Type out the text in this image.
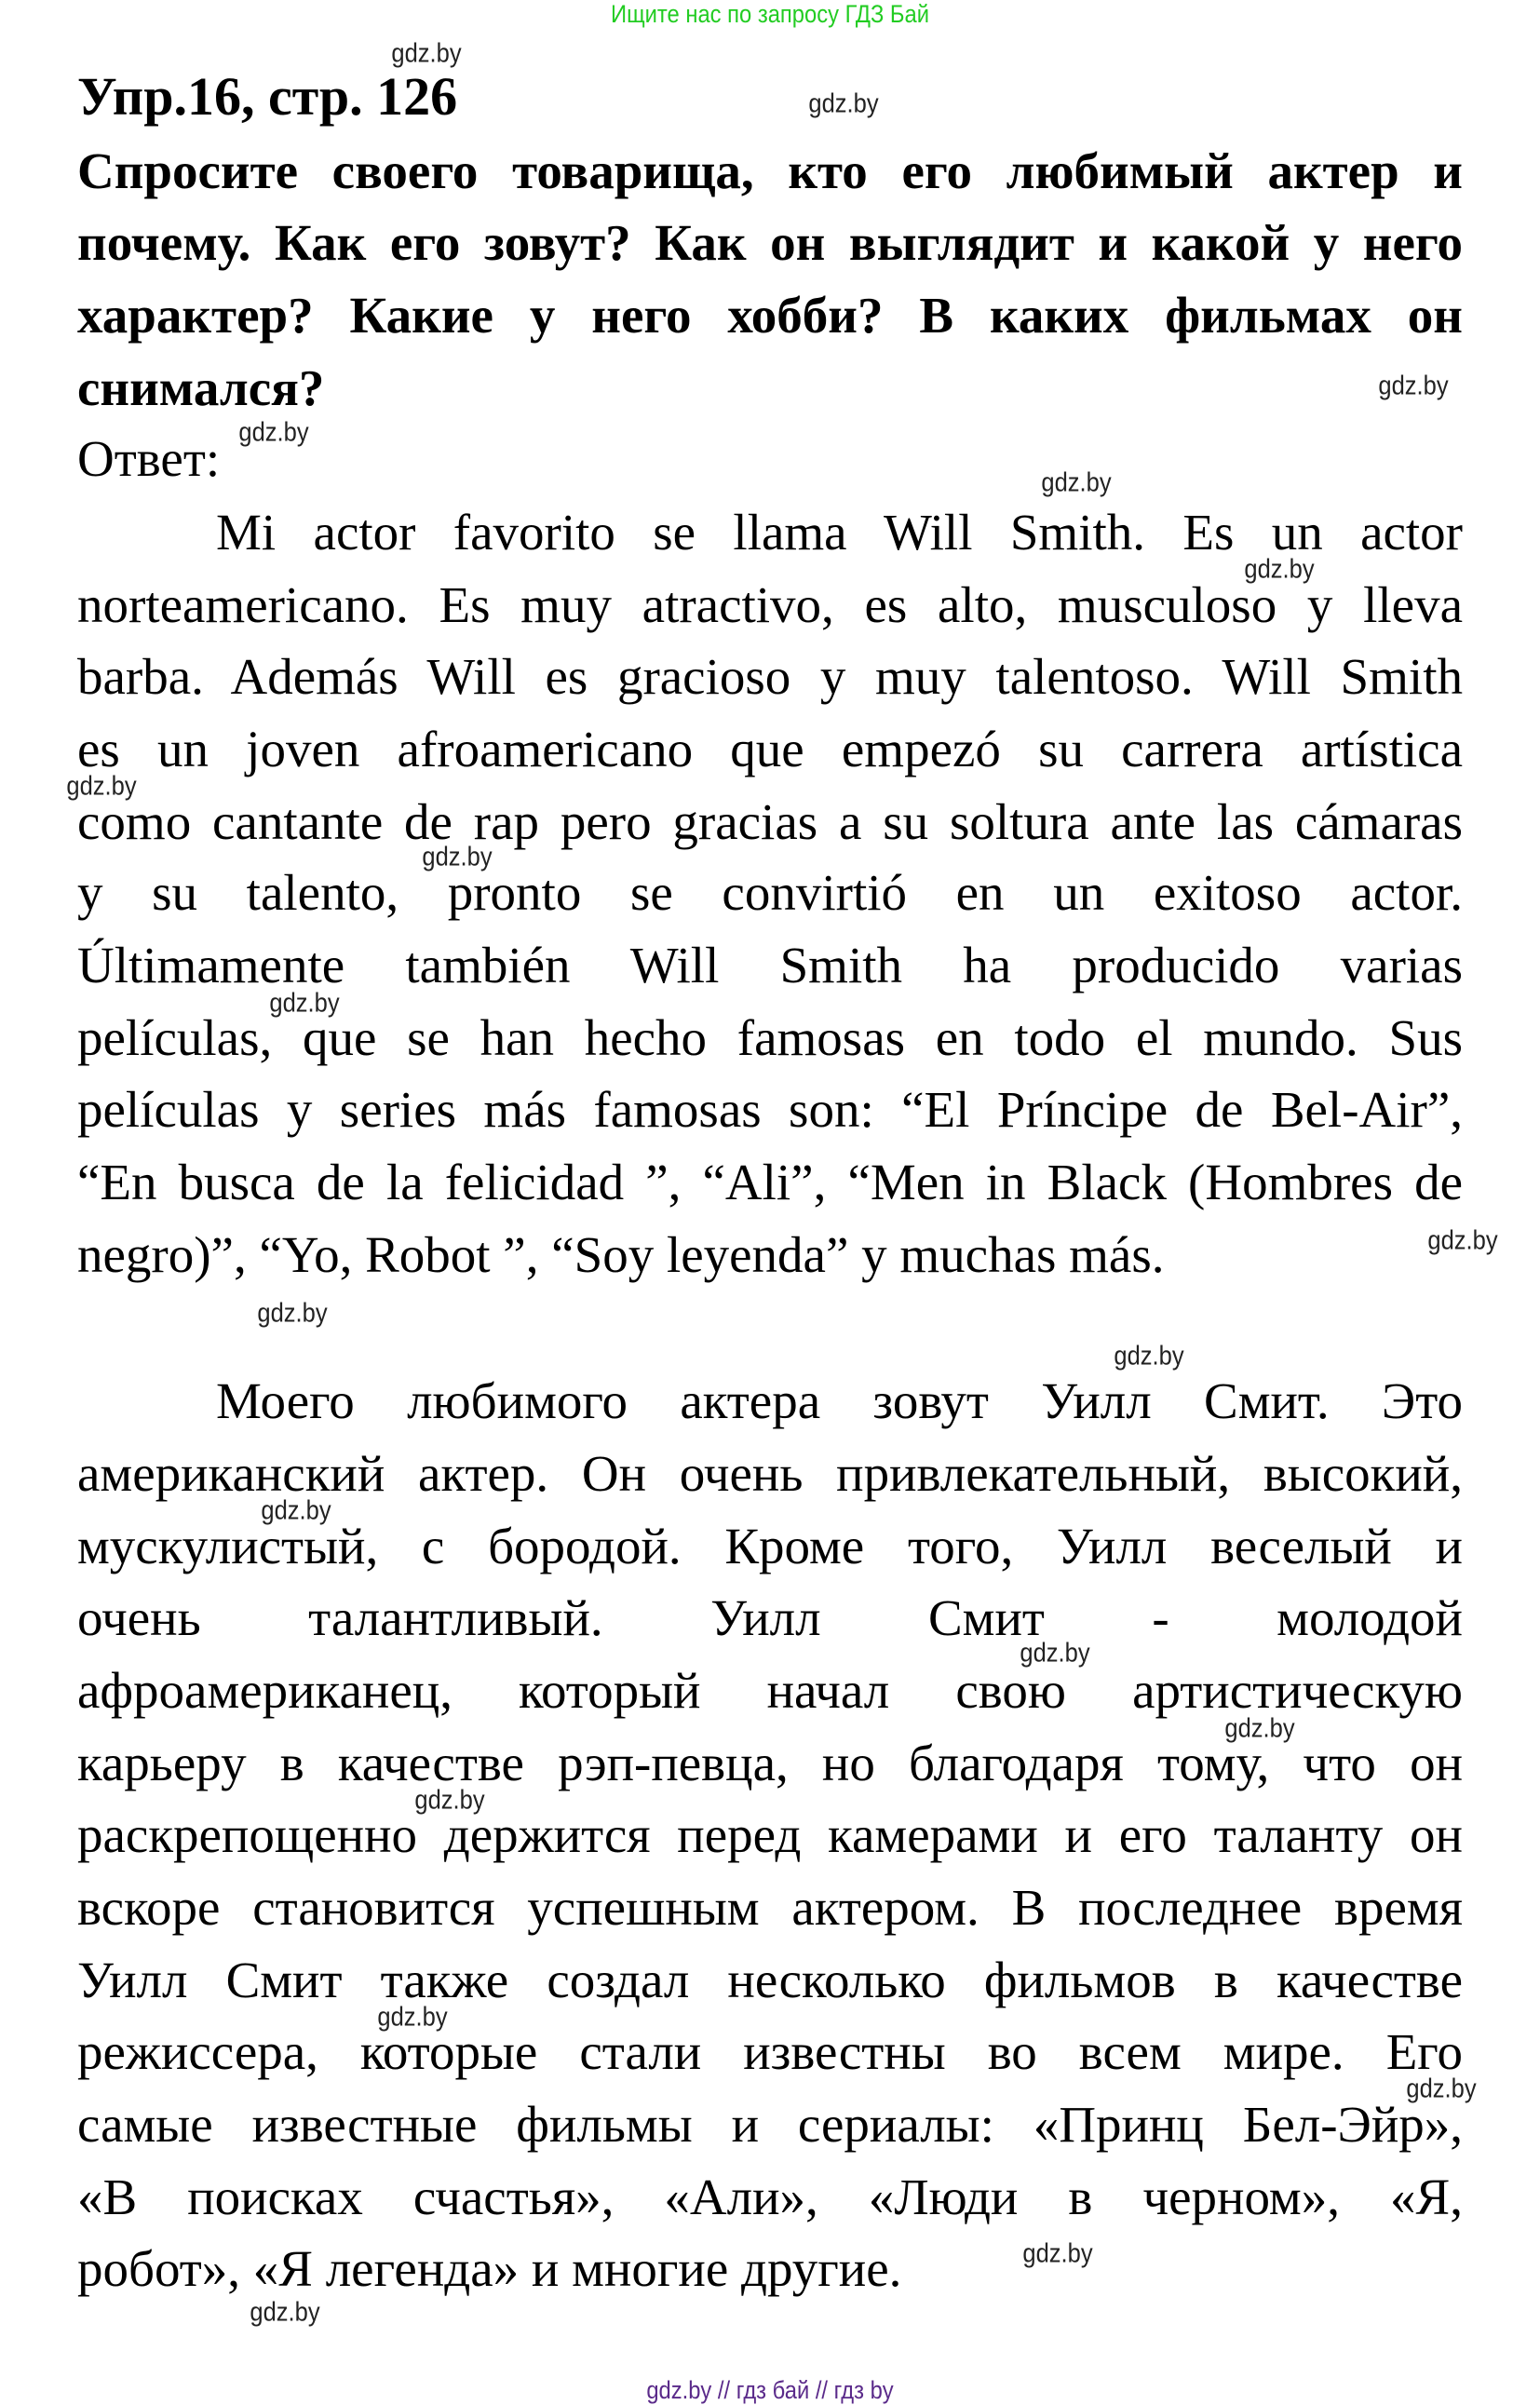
Ищите нас по запросу ГДЗ Бай
Упр.16, стр. 126
Спросите своего товарища, кто его любимый актер и
почему. Как его зовут? Как он выглядит и какой у него
характер? Какие у него хобби? В каких фильмах он
снимался?
Ответ:
Mi actor favorito se llama Will Smith. Es un actor
norteamericano. Es muy atractivo, es alto, musculoso y lleva
barba. Además Will es gracioso y muy talentoso. Will Smith
es un joven afroamericano que empezó su carrera artística
como cantante de rap pero gracias a su soltura ante las cámaras
y su talento, pronto se convirtió en un exitoso actor.
Últimamente también Will Smith ha producido varias
películas, que se han hecho famosas en todo el mundo. Sus
películas y series más famosas son: “El Príncipe de Bel-Air”,
“En busca de la felicidad ”, “Ali”, “Men in Black (Hombres de
negro)”, “Yo, Robot ”, “Soy leyenda” y muchas más.
Моего любимого актера зовут Уилл Смит. Это
американский актер. Он очень привлекательный, высокий,
мускулистый, с бородой. Кроме того, Уилл веселый и
очень талантливый. Уилл Смит - молодой
афроамериканец, который начал свою артистическую
карьеру в качестве рэп-певца, но благодаря тому, что он
раскрепощенно держится перед камерами и его таланту он
вскоре становится успешным актером. В последнее время
Уилл Смит также создал несколько фильмов в качестве
режиссера, которые стали известны во всем мире. Его
самые известные фильмы и сериалы: «Принц Бел-Эйр»,
«В поисках счастья», «Али», «Люди в черном», «Я,
робот», «Я легенда» и многие другие.
gdz.by
gdz.by
gdz.by
gdz.by
gdz.by
gdz.by
gdz.by
gdz.by
gdz.by
gdz.by
gdz.by
gdz.by
gdz.by
gdz.by
gdz.by
gdz.by
gdz.by
gdz.by
gdz.by
gdz.by
gdz.by // гдз бай // гдз by
